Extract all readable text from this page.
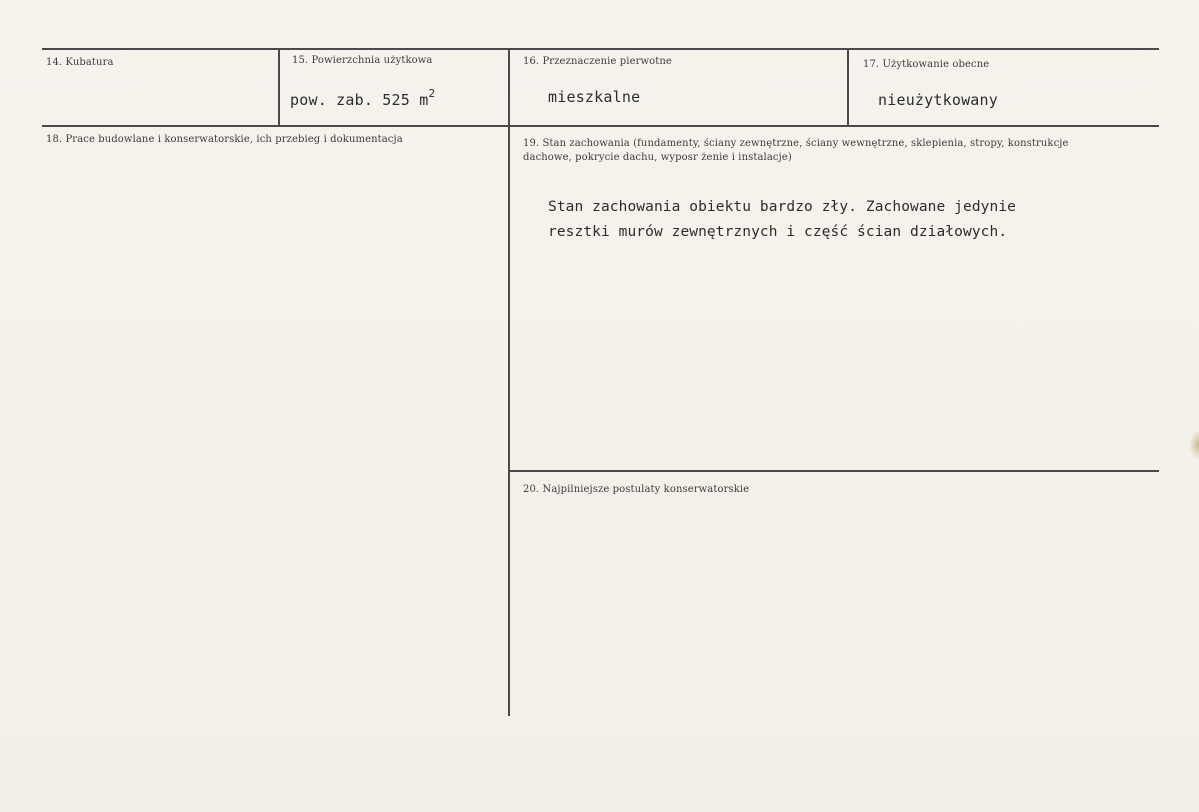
14. Kubatura	15. Powierzchnia użytkowa
pow. zab. 525 $m^2$
16. Przeznaczenie pierwotne
mieszkalne
17. Użytkowanie obecne
nieużytkowany
18. Prace budowlane i konserwatorskie, ich przebieg i dokumentacja	19. Stan zachowania (fundamenty, ściany zewnętrzne, ściany wewnętrzne, sklepienia, stropy, konstrukcje
dachowe, pokrycie dachu, wyposr żenie i instalacje)
Stan zachowania obiektu bardzo zły. Zachowane jedynie
resztki murów zewnętrznych i część ścian działowych.
20. Najpilniejsze postulaty konserwatorskie
